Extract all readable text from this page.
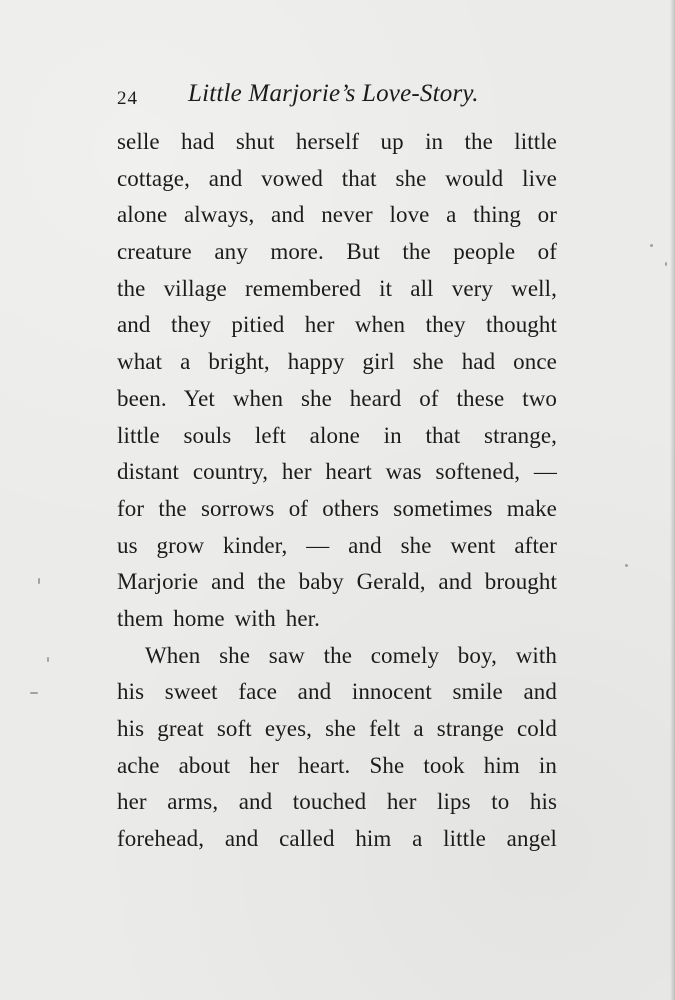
24 Little Marjorie’s Love-Story.
selle had shut herself up in the little
cottage, and vowed that she would live
alone always, and never love a thing or
creature any more. But the people of
the village remembered it all very well,
and they pitied her when they thought
what a bright, happy girl she had once
been. Yet when she heard of these two
little souls left alone in that strange,
distant country, her heart was softened, —
for the sorrows of others sometimes make
us grow kinder, — and she went after
Marjorie and the baby Gerald, and brought
them home with her.
When she saw the comely boy, with
his sweet face and innocent smile and
his great soft eyes, she felt a strange cold
ache about her heart. She took him in
her arms, and touched her lips to his
forehead, and called him a little angel
